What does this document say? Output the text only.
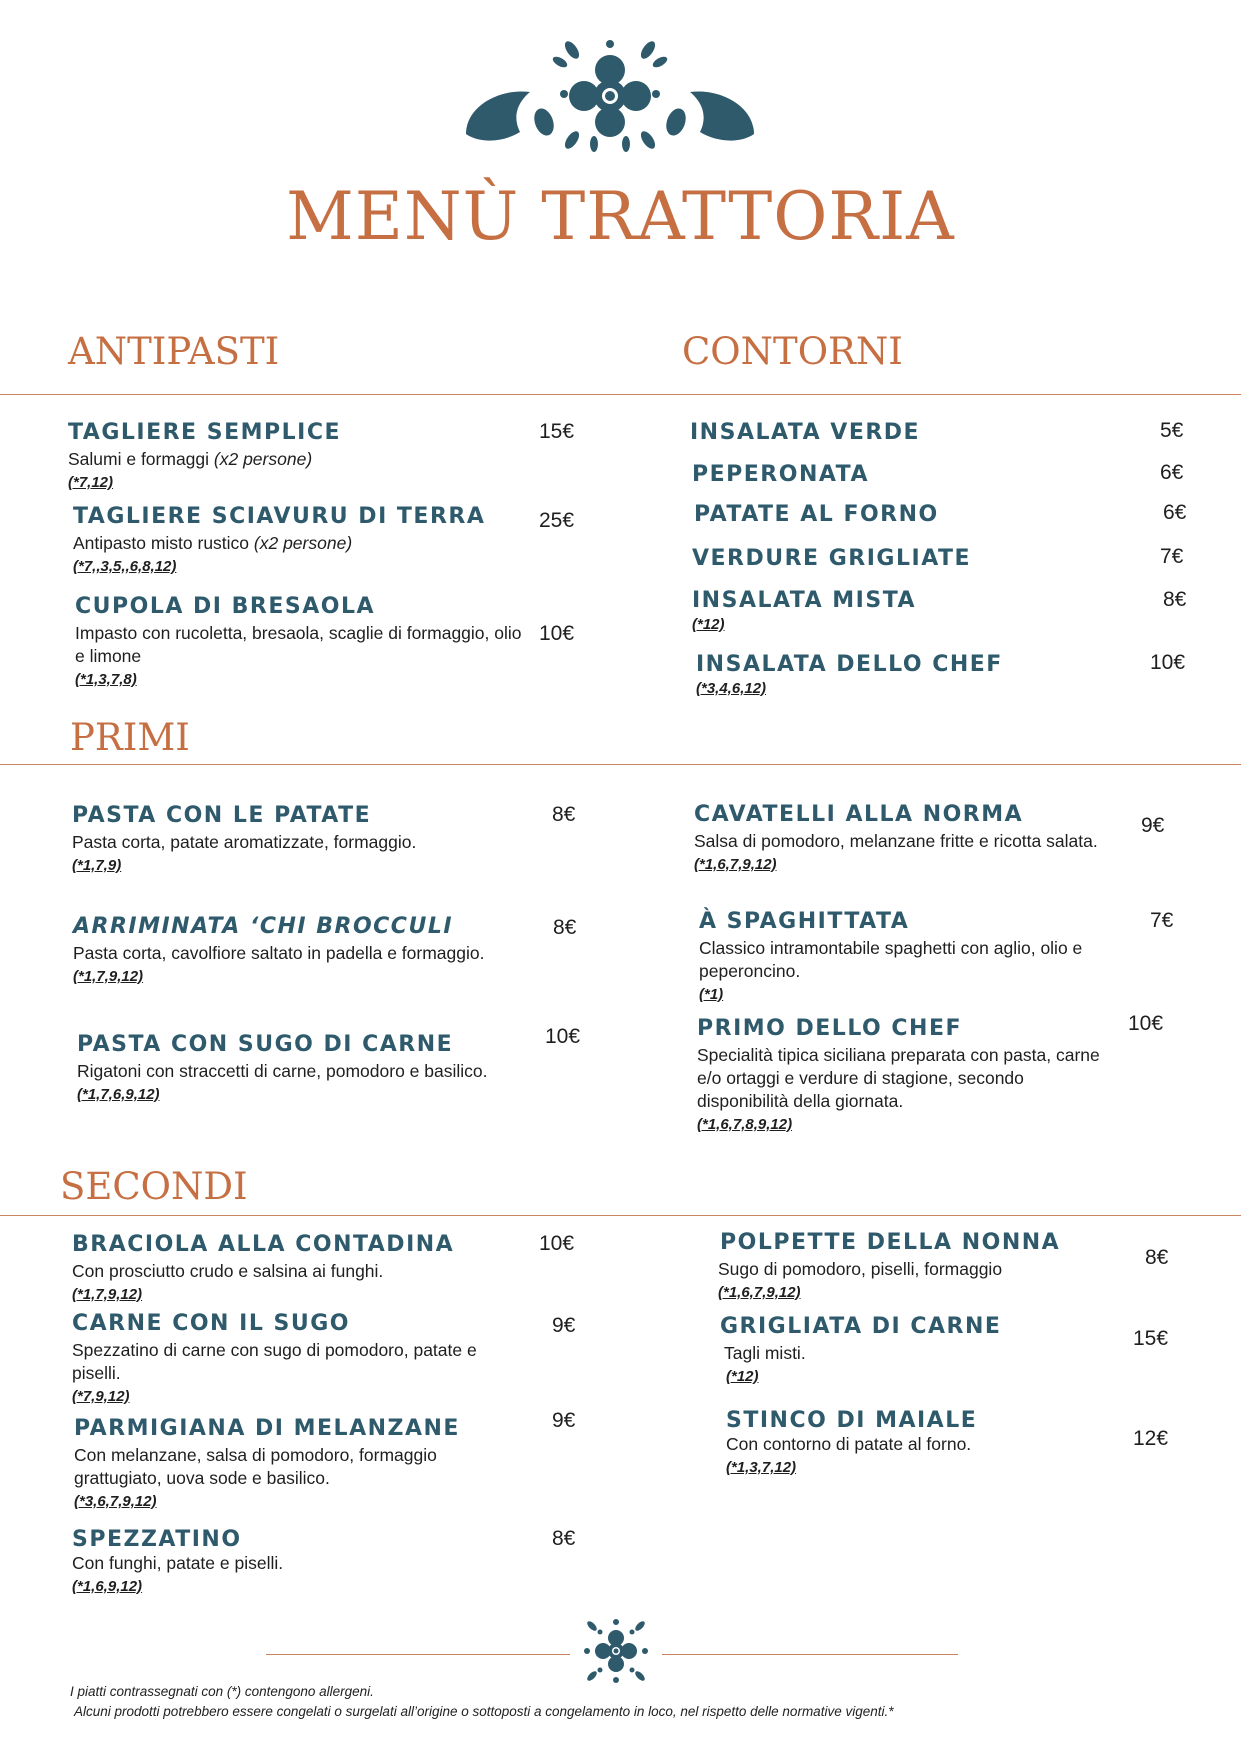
MENÙ TRATTORIA
ANTIPASTI	CONTORNI
TAGLIERE SEMPLICE
Salumi e formaggi (x2 persone)
(*7,12)
15€
TAGLIERE SCIAVURU DI TERRA
Antipasto misto rustico (x2 persone)
(*7,,3,5,,6,8,12)
25€
CUPOLA DI BRESAOLA
Impasto con rucoletta, bresaola, scaglie di formaggio, olio e limone
(*1,3,7,8)
10€
INSALATA VERDE	5€
PEPERONATA	6€
PATATE AL FORNO	6€
VERDURE GRIGLIATE	7€
INSALATA MISTA
(*12)
8€
INSALATA DELLO CHEF
(*3,4,6,12)
10€
PRIMI
PASTA CON LE PATATE
Pasta corta, patate aromatizzate, formaggio.
(*1,7,9)
8€
ARRIMINATA ‘CHI BROCCULI
Pasta corta, cavolfiore saltato in padella e formaggio.
(*1,7,9,12)
8€
PASTA CON SUGO DI CARNE
Rigatoni con straccetti di carne, pomodoro e basilico.
(*1,7,6,9,12)
10€
CAVATELLI ALLA NORMA
Salsa di pomodoro, melanzane fritte e ricotta salata.
(*1,6,7,9,12)
9€
À SPAGHITTATA
Classico intramontabile spaghetti con aglio, olio e peperoncino.
(*1)
7€
PRIMO DELLO CHEF
Specialità tipica siciliana preparata con pasta, carne e/o ortaggi e verdure di stagione, secondo disponibilità della giornata.
(*1,6,7,8,9,12)
10€
SECONDI
BRACIOLA ALLA CONTADINA
Con prosciutto crudo e salsina ai funghi.
(*1,7,9,12)
10€
CARNE CON IL SUGO
Spezzatino di carne con sugo di pomodoro, patate e piselli.
(*7,9,12)
9€
PARMIGIANA DI MELANZANE
Con melanzane, salsa di pomodoro, formaggio grattugiato, uova sode e basilico.
(*3,6,7,9,12)
9€
SPEZZATINO
Con funghi, patate e piselli.
(*1,6,9,12)
8€
POLPETTE DELLA NONNA
Sugo di pomodoro, piselli, formaggio
(*1,6,7,9,12)
8€
GRIGLIATA DI CARNE
Tagli misti.
(*12)
15€
STINCO DI MAIALE
Con contorno di patate al forno.
(*1,3,7,12)
12€
I piatti contrassegnati con (*) contengono allergeni.
Alcuni prodotti potrebbero essere congelati o surgelati all’origine o sottoposti a congelamento in loco, nel rispetto delle normative vigenti.*
